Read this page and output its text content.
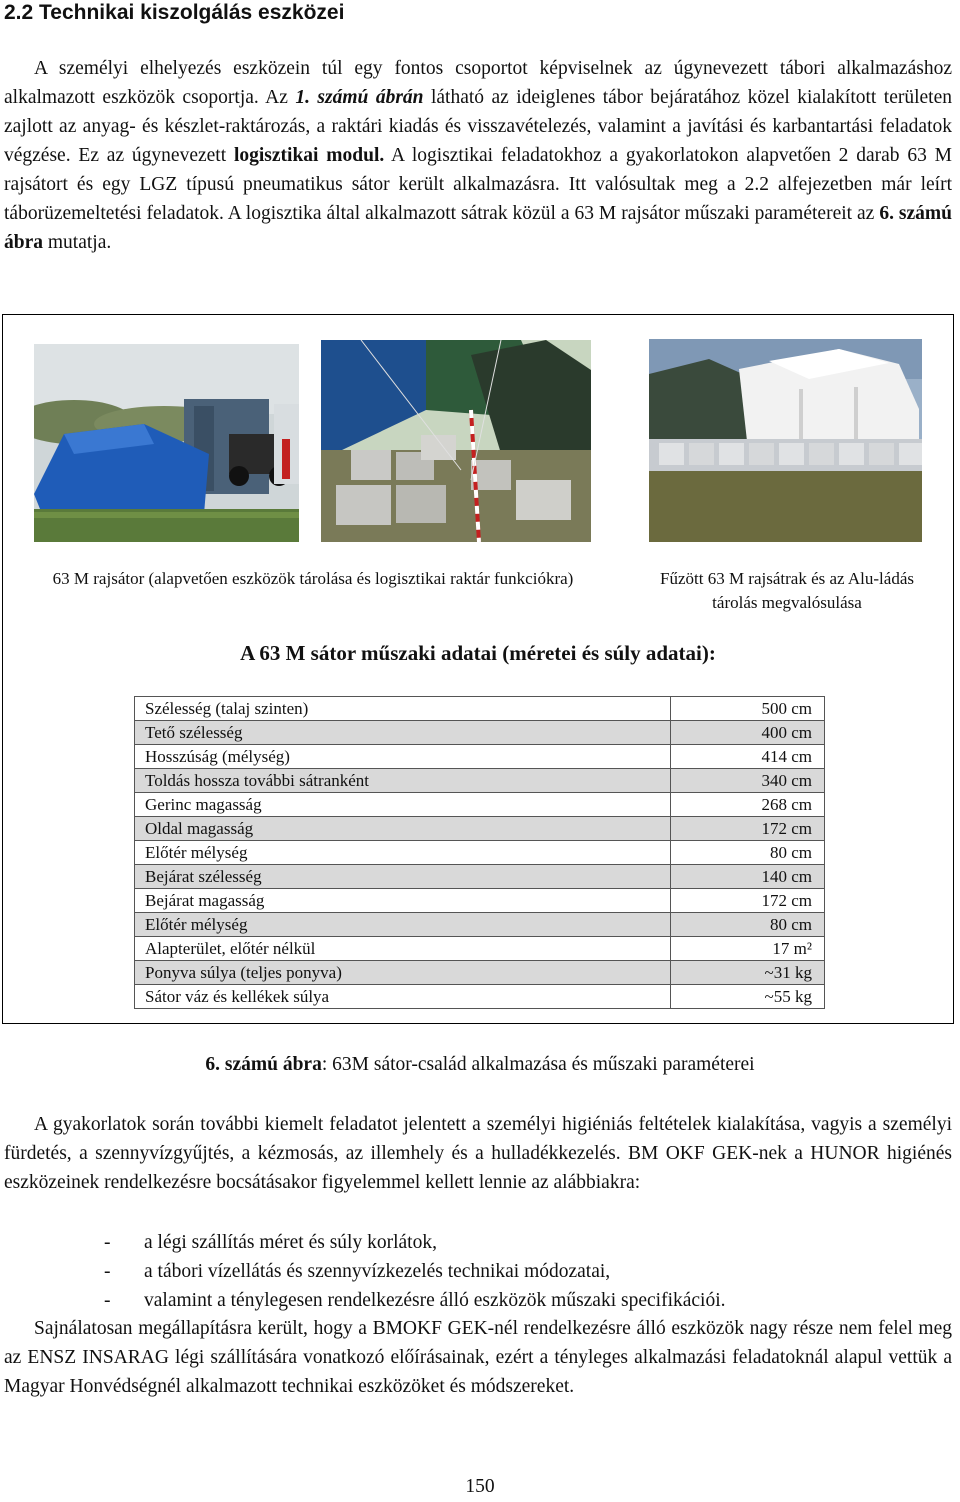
2.2 Technikai kiszolgálás eszközei

A személyi elhelyezés eszközein túl egy fontos csoportot képviselnek az úgynevezett tábori alkalmazáshoz alkalmazott eszközök csoportja. Az 1. számú ábrán látható az ideiglenes tábor bejáratához közel kialakított területen zajlott az anyag- és készlet-raktározás, a raktári kiadás és visszavételezés, valamint a javítási és karbantartási feladatok végzése. Ez az úgynevezett logisztikai modul. A logisztikai feladatokhoz a gyakorlatokon alapvetően 2 darab 63 M rajsátort és egy LGZ típusú pneumatikus sátor került alkalmazásra. Itt valósultak meg a 2.2 alfejezetben már leírt táborüzemeltetési feladatok. A logisztika által alkalmazott sátrak közül a 63 M rajsátor műszaki paramétereit az 6. számú ábra mutatja.

63 M rajsátor (alapvetően eszközök tárolása és logisztikai raktár funkciókra)	Fűzött 63 M rajsátrak és az Alu-ládás tárolás megvalósulása
A 63 M sátor műszaki adatai (méretei és súly adatai):
Szélesség (talaj szinten)	500 cm
Tető szélesség	400 cm
Hosszúság (mélység)	414 cm
Toldás hossza további sátranként	340 cm
Gerinc magasság	268 cm
Oldal magasság	172 cm
Előtér mélység	80 cm
Bejárat szélesség	140 cm
Bejárat magasság	172 cm
Előtér mélység	80 cm
Alapterület, előtér nélkül	17 m²
Ponyva súlya (teljes ponyva)	~31 kg
Sátor váz és kellékek súlya	~55 kg
6. számú ábra: 63M sátor-család alkalmazása és műszaki paraméterei

A gyakorlatok során további kiemelt feladatot jelentett a személyi higiéniás feltételek kialakítása, vagyis a személyi fürdetés, a szennyvízgyűjtés, a kézmosás, az illemhely és a hulladékkezelés. BM OKF GEK-nek a HUNOR higiénés eszközeinek rendelkezésre bocsátásakor figyelemmel kellett lennie az alábbiakra:

- a légi szállítás méret és súly korlátok,
- a tábori vízellátás és szennyvízkezelés technikai módozatai,
- valamint a ténylegesen rendelkezésre álló eszközök műszaki specifikációi.

Sajnálatosan megállapításra került, hogy a BMOKF GEK-nél rendelkezésre álló eszközök nagy része nem felel meg az ENSZ INSARAG légi szállítására vonatkozó előírásainak, ezért a tényleges alkalmazási feladatoknál alapul vettük a Magyar Honvédségnél alkalmazott technikai eszközöket és módszereket.

150
